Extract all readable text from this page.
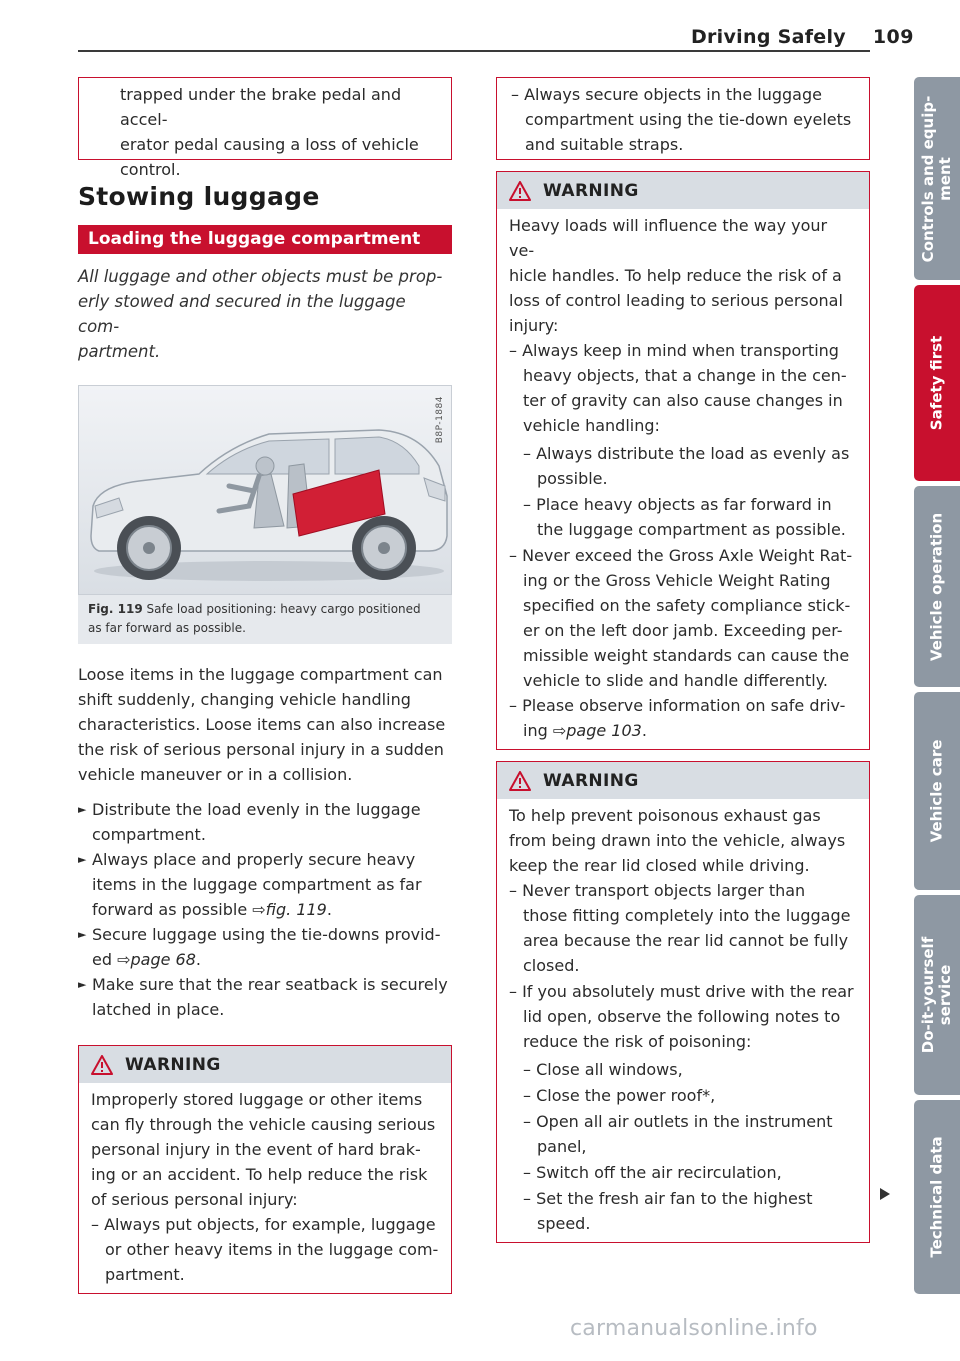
Driving Safely 109

trapped under the brake pedal and accel-

erator pedal causing a loss of vehicle

control.

Stowing luggage
Loading the luggage compartment
All luggage and other objects must be prop-
erly stowed and secured in the luggage com-
partment.
B8P-1884
Fig. 119 Safe load positioning: heavy cargo positioned
as far forward as possible.
Loose items in the luggage compartment can
shift suddenly, changing vehicle handling
characteristics. Loose items can also increase
the risk of serious personal injury in a sudden
vehicle maneuver or in a collision.
► Distribute the load evenly in the luggage
compartment.
► Always place and properly secure heavy
items in the luggage compartment as far
forward as possible ⇨fig. 119.
► Secure luggage using the tie-downs provid-
ed ⇨page 68.
► Make sure that the rear seatback is securely
latched in place.
WARNING
Improperly stored luggage or other items
can fly through the vehicle causing serious
personal injury in the event of hard brak-
ing or an accident. To help reduce the risk
of serious personal injury:
– Always put objects, for example, luggage
or other heavy items in the luggage com-
partment.

– Always secure objects in the luggage

compartment using the tie-down eyelets

and suitable straps.

WARNING
Heavy loads will influence the way your ve-
hicle handles. To help reduce the risk of a
loss of control leading to serious personal
injury:
– Always keep in mind when transporting
heavy objects, that a change in the cen-
ter of gravity can also cause changes in
vehicle handling:
– Always distribute the load as evenly as
possible.
– Place heavy objects as far forward in
the luggage compartment as possible.
– Never exceed the Gross Axle Weight Rat-
ing or the Gross Vehicle Weight Rating
specified on the safety compliance stick-
er on the left door jamb. Exceeding per-
missible weight standards can cause the
vehicle to slide and handle differently.
– Please observe information on safe driv-
ing ⇨page 103.
WARNING
To help prevent poisonous exhaust gas
from being drawn into the vehicle, always
keep the rear lid closed while driving.
– Never transport objects larger than
those fitting completely into the luggage
area because the rear lid cannot be fully
closed.
– If you absolutely must drive with the rear
lid open, observe the following notes to
reduce the risk of poisoning:
– Close all windows,
– Close the power roof*,
– Open all air outlets in the instrument
panel,
– Switch off the air recirculation,
– Set the fresh air fan to the highest
speed.
Controls and equip- ment
Safety first
Vehicle operation
Vehicle care
Do-it-yourself service
Technical data
carmanualsonline.info
